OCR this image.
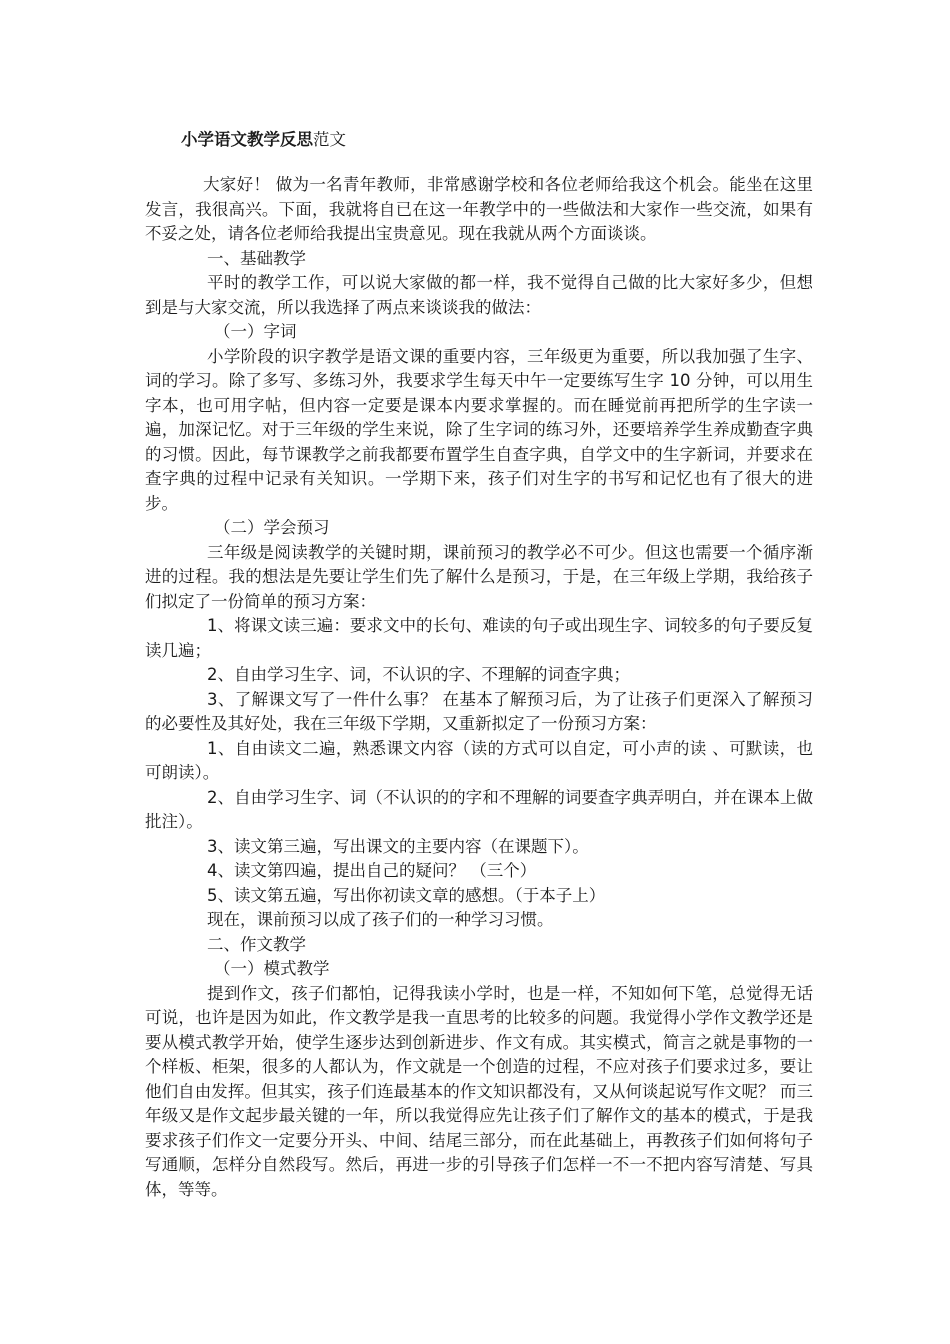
小学语文教学反思范文

大家好！ 做为一名青年教师，非常感谢学校和各位老师给我这个机会。能坐在这里发言，我很高兴。下面，我就将自已在这一年教学中的一些做法和大家作一些交流，如果有不妥之处，请各位老师给我提出宝贵意见。现在我就从两个方面谈谈。

一、基础教学

平时的教学工作，可以说大家做的都一样，我不觉得自己做的比大家好多少，但想到是与大家交流，所以我选择了两点来谈谈我的做法：

（一）字词

小学阶段的识字教学是语文课的重要内容，三年级更为重要，所以我加强了生字、词的学习。除了多写、多练习外，我要求学生每天中午一定要练写生字 10 分钟，可以用生字本，也可用字帖，但内容一定要是课本内要求掌握的。而在睡觉前再把所学的生字读一遍，加深记忆。对于三年级的学生来说，除了生字词的练习外，还要培养学生养成勤查字典的习惯。因此，每节课教学之前我都要布置学生自查字典，自学文中的生字新词，并要求在查字典的过程中记录有关知识。一学期下来，孩子们对生字的书写和记忆也有了很大的进步。

（二）学会预习

三年级是阅读教学的关键时期，课前预习的教学必不可少。但这也需要一个循序渐进的过程。我的想法是先要让学生们先了解什么是预习，于是，在三年级上学期，我给孩子们拟定了一份简单的预习方案：

1、将课文读三遍：要求文中的长句、难读的句子或出现生字、词较多的句子要反复读几遍；

2、自由学习生字、词，不认识的字、不理解的词查字典；

3、了解课文写了一件什么事？ 在基本了解预习后，为了让孩子们更深入了解预习的必要性及其好处，我在三年级下学期，又重新拟定了一份预习方案：

1、自由读文二遍，熟悉课文内容（读的方式可以自定，可小声的读 、可默读，也可朗读）。

2、自由学习生字、词（不认识的的字和不理解的词要查字典弄明白，并在课本上做批注）。

3、读文第三遍，写出课文的主要内容（在课题下）。

4、读文第四遍，提出自己的疑问？ （三个）

5、读文第五遍，写出你初读文章的感想。（于本子上）

现在，课前预习以成了孩子们的一种学习习惯。

二、作文教学

（一）模式教学

提到作文，孩子们都怕，记得我读小学时，也是一样，不知如何下笔，总觉得无话可说，也许是因为如此，作文教学是我一直思考的比较多的问题。我觉得小学作文教学还是要从模式教学开始，使学生逐步达到创新进步、作文有成。其实模式，简言之就是事物的一个样板、柜架，很多的人都认为，作文就是一个创造的过程，不应对孩子们要求过多，要让他们自由发挥。但其实，孩子们连最基本的作文知识都没有，又从何谈起说写作文呢？ 而三年级又是作文起步最关键的一年，所以我觉得应先让孩子们了解作文的基本的模式，于是我要求孩子们作文一定要分开头、中间、结尾三部分，而在此基础上，再教孩子们如何将句子写通顺，怎样分自然段写。然后，再进一步的引导孩子们怎样一不一不把内容写清楚、写具体，等等。
